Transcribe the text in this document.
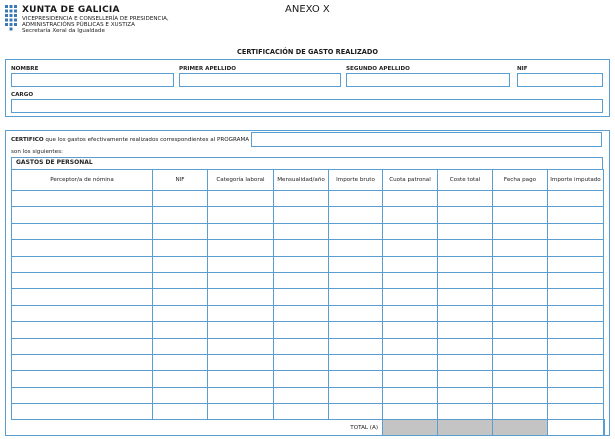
XUNTA DE GALICIA
VICEPRESIDENCIA E CONSELLERÍA DE PRESIDENCIA,
ADMINISTRACIÓNS PÚBLICAS E XUSTIZA
Secretaría Xeral da Igualdade
ANEXO X
CERTIFICACIÓN DE GASTO REALIZADO
NOMBRE	PRIMER APELLIDO	SEGUNDO APELLIDO	NIF
CARGO
CERTIFICO que los gastos efectivamente realizados correspondientes al PROGRAMA
son los siguientes:
GASTOS DE PERSONAL
Perceptor/a de nómina	NIF	Categoría laboral	Mensualidad/año	Importe bruto	Cuota patronal	Coste total	Fecha pago	Importe imputado	

TOTAL (A)									
